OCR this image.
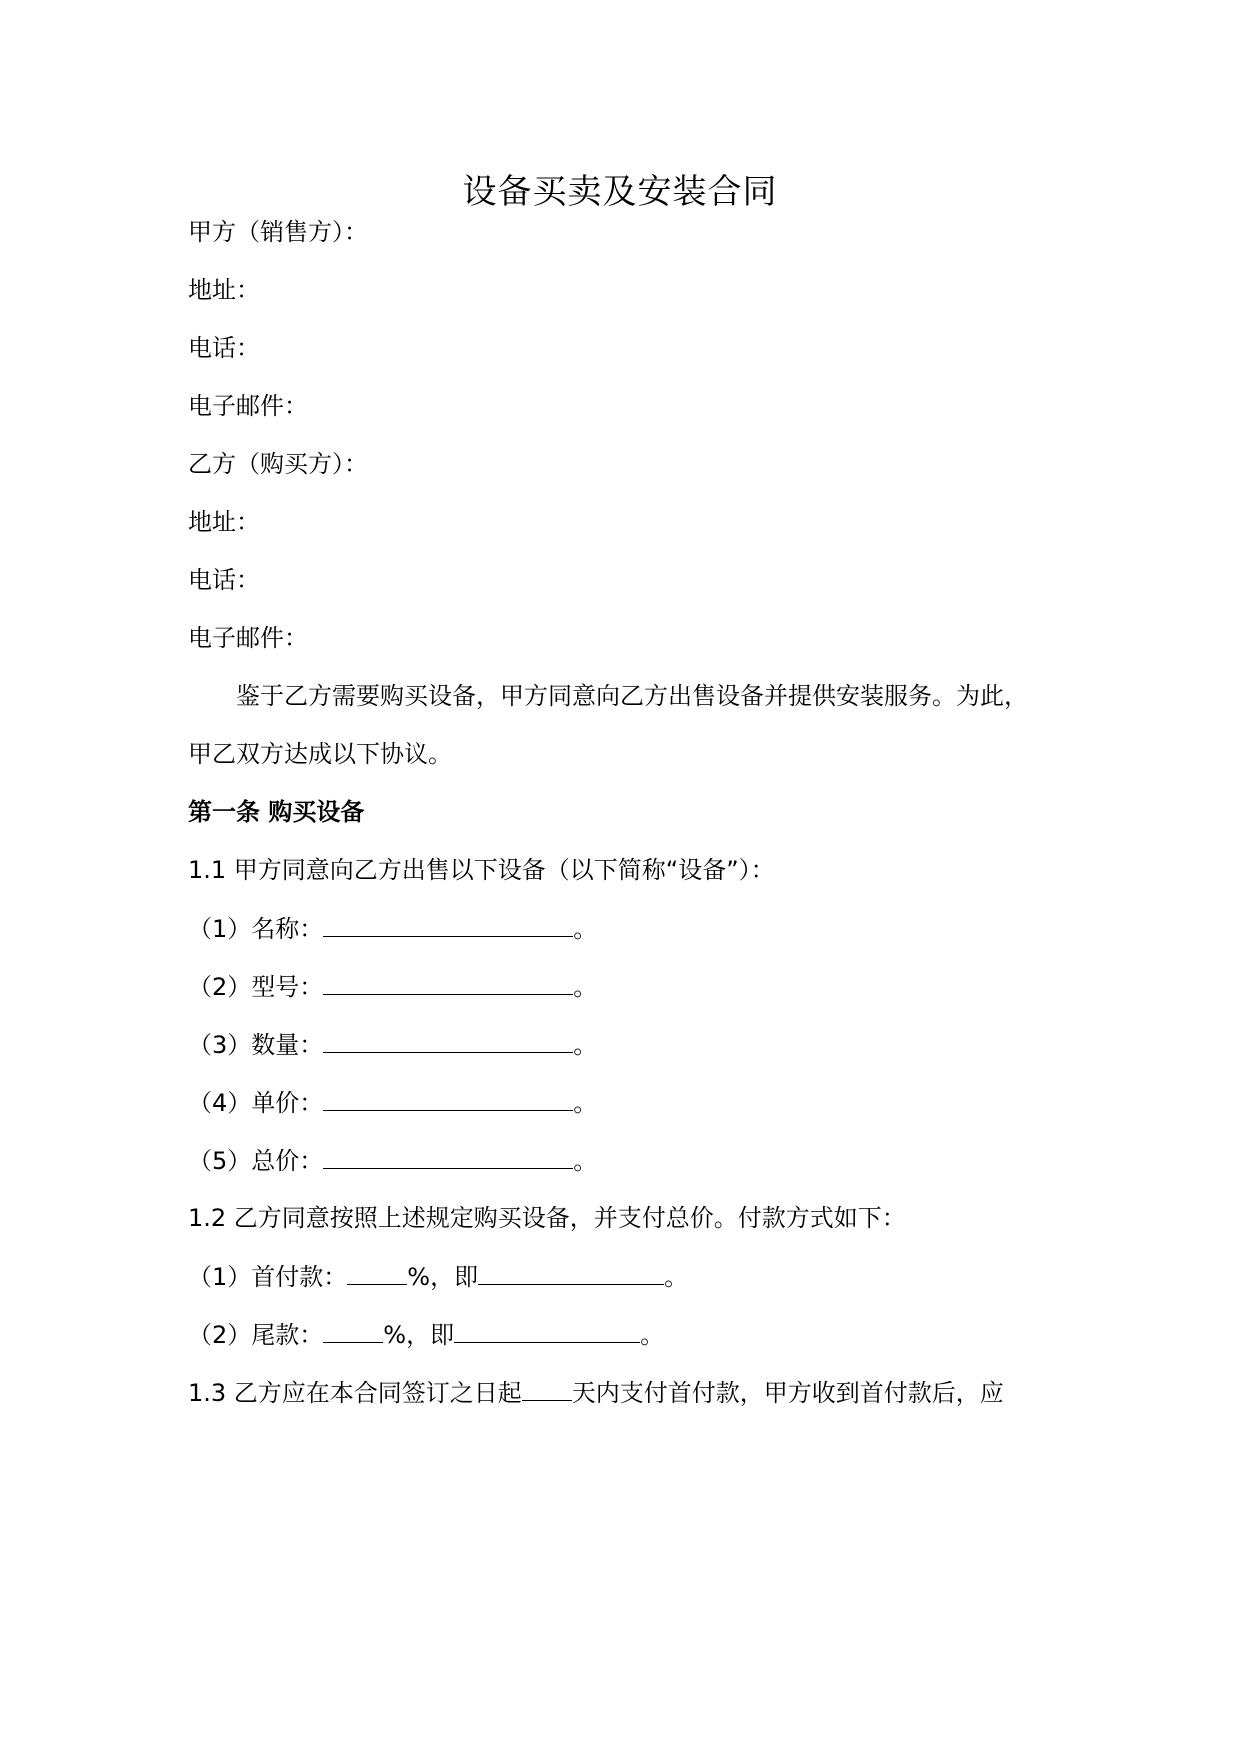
设备买卖及安装合同
甲方（销售方）：
地址：
电话：
电子邮件：
乙方（购买方）：
地址：
电话：
电子邮件：
鉴于乙方需要购买设备，甲方同意向乙方出售设备并提供安装服务。为此，
甲乙双方达成以下协议。
第一条 购买设备
1.1 甲方同意向乙方出售以下设备（以下简称“设备”）：
（1）名称：	。
（2）型号：	。
（3）数量：	。
（4）单价：	。
（5）总价：	。
1.2 乙方同意按照上述规定购买设备，并支付总价。付款方式如下：
（1）首付款：	%，即	。
（2）尾款：	%，即	。
1.3 乙方应在本合同签订之日起 天内支付首付款，甲方收到首付款后，应
